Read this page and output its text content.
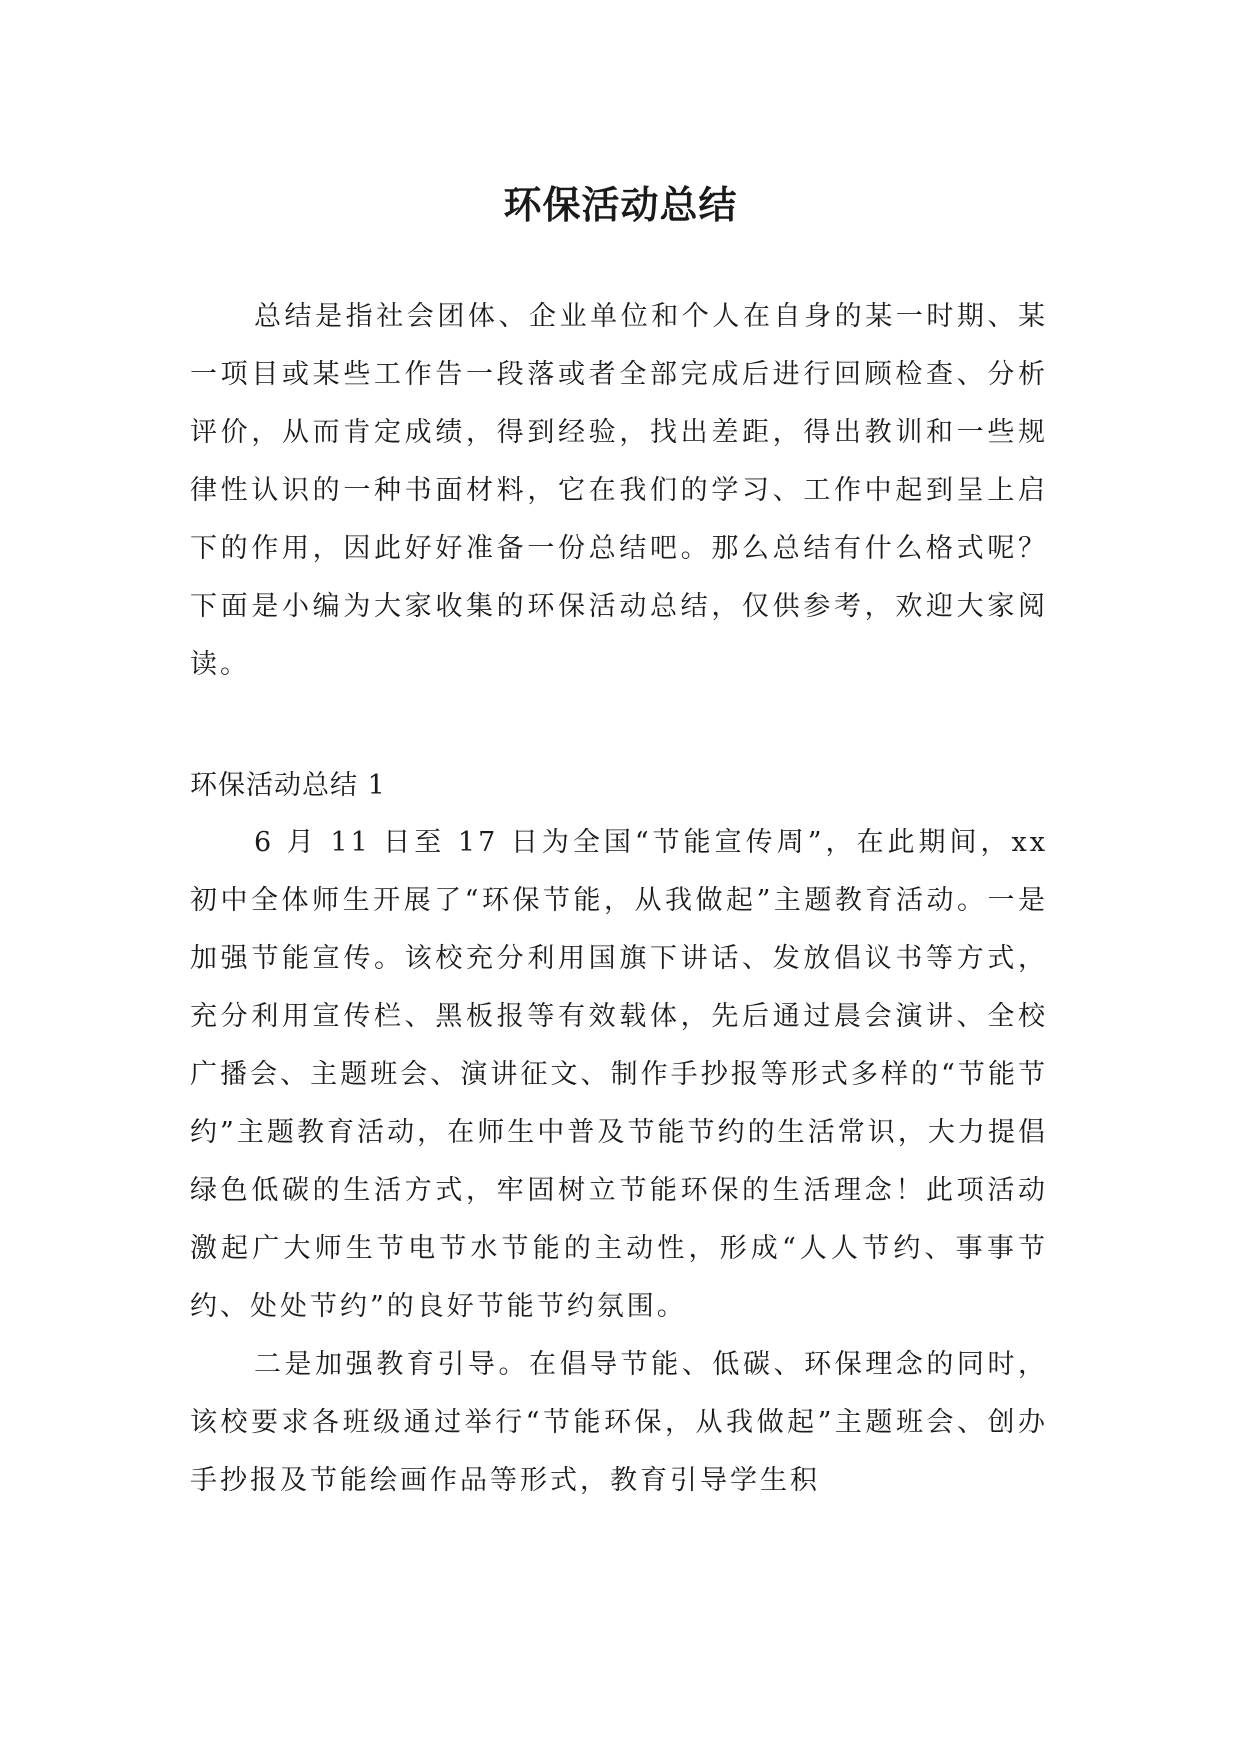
环保活动总结

总结是指社会团体、企业单位和个人在自身的某一时期、某一项目或某些工作告一段落或者全部完成后进行回顾检查、分析评价，从而肯定成绩，得到经验，找出差距，得出教训和一些规律性认识的一种书面材料，它在我们的学习、工作中起到呈上启下的作用，因此好好准备一份总结吧。那么总结有什么格式呢？下面是小编为大家收集的环保活动总结，仅供参考，欢迎大家阅读。

环保活动总结 1

6 月 11 日至 17 日为全国“节能宣传周”，在此期间，xx初中全体师生开展了“环保节能，从我做起”主题教育活动。一是加强节能宣传。该校充分利用国旗下讲话、发放倡议书等方式，充分利用宣传栏、黑板报等有效载体，先后通过晨会演讲、全校广播会、主题班会、演讲征文、制作手抄报等形式多样的“节能节约”主题教育活动，在师生中普及节能节约的生活常识，大力提倡绿色低碳的生活方式，牢固树立节能环保的生活理念！此项活动激起广大师生节电节水节能的主动性，形成“人人节约、事事节约、处处节约”的良好节能节约氛围。

二是加强教育引导。在倡导节能、低碳、环保理念的同时，该校要求各班级通过举行“节能环保，从我做起”主题班会、创办手抄报及节能绘画作品等形式，教育引导学生积
